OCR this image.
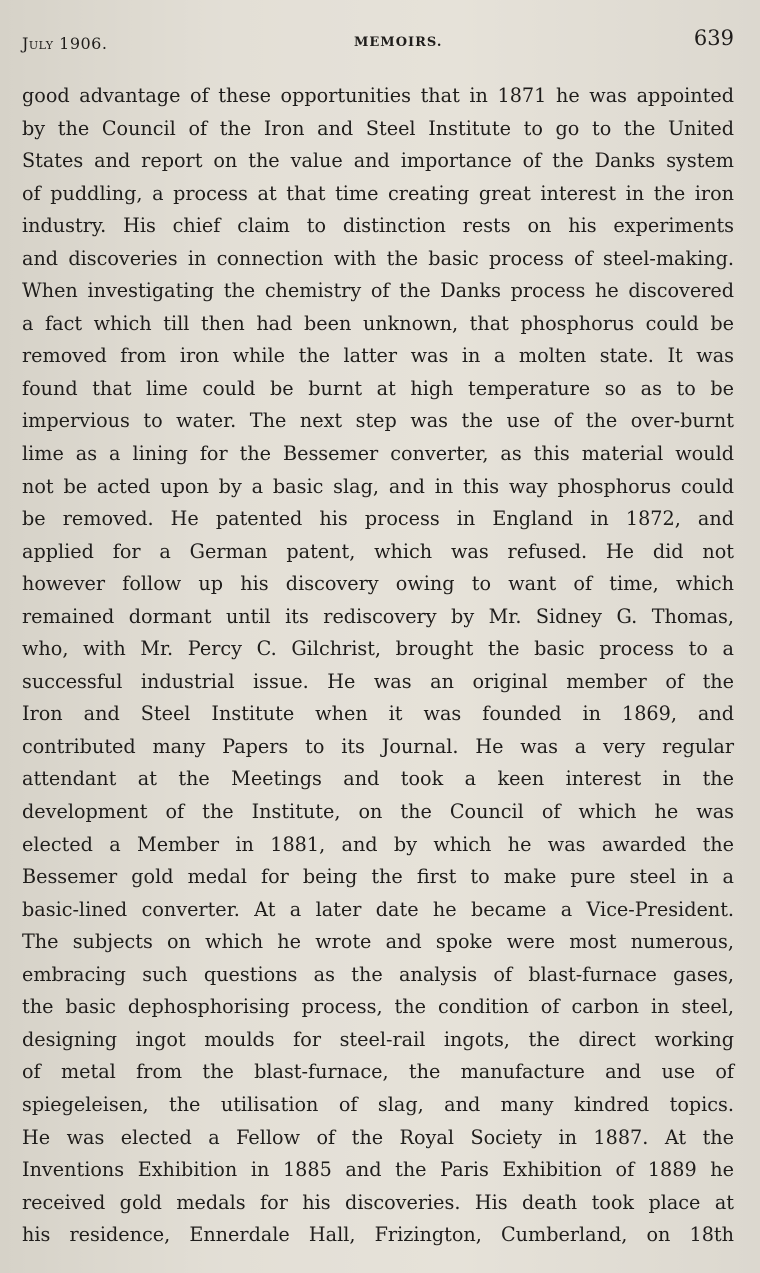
July 1906.	MEMOIRS.	639
good advantage of these opportunities that in 1871 he was appointed
by the Council of the Iron and Steel Institute to go to the United
States and report on the value and importance of the Danks system
of puddling, a process at that time creating great interest in the iron
industry. His chief claim to distinction rests on his experiments
and discoveries in connection with the basic process of steel-making.
When investigating the chemistry of the Danks process he discovered
a fact which till then had been unknown, that phosphorus could be
removed from iron while the latter was in a molten state. It was
found that lime could be burnt at high temperature so as to be
impervious to water. The next step was the use of the over-burnt
lime as a lining for the Bessemer converter, as this material would
not be acted upon by a basic slag, and in this way phosphorus could
be removed. He patented his process in England in 1872, and
applied for a German patent, which was refused. He did not
however follow up his discovery owing to want of time, which
remained dormant until its rediscovery by Mr. Sidney G. Thomas,
who, with Mr. Percy C. Gilchrist, brought the basic process to a
successful industrial issue. He was an original member of the
Iron and Steel Institute when it was founded in 1869, and
contributed many Papers to its Journal. He was a very regular
attendant at the Meetings and took a keen interest in the
development of the Institute, on the Council of which he was
elected a Member in 1881, and by which he was awarded the
Bessemer gold medal for being the first to make pure steel in a
basic-lined converter. At a later date he became a Vice-President.
The subjects on which he wrote and spoke were most numerous,
embracing such questions as the analysis of blast-furnace gases,
the basic dephosphorising process, the condition of carbon in steel,
designing ingot moulds for steel-rail ingots, the direct working
of metal from the blast-furnace, the manufacture and use of
spiegeleisen, the utilisation of slag, and many kindred topics.
He was elected a Fellow of the Royal Society in 1887. At the
Inventions Exhibition in 1885 and the Paris Exhibition of 1889 he
received gold medals for his discoveries. His death took place at
his residence, Ennerdale Hall, Frizington, Cumberland, on 18th
